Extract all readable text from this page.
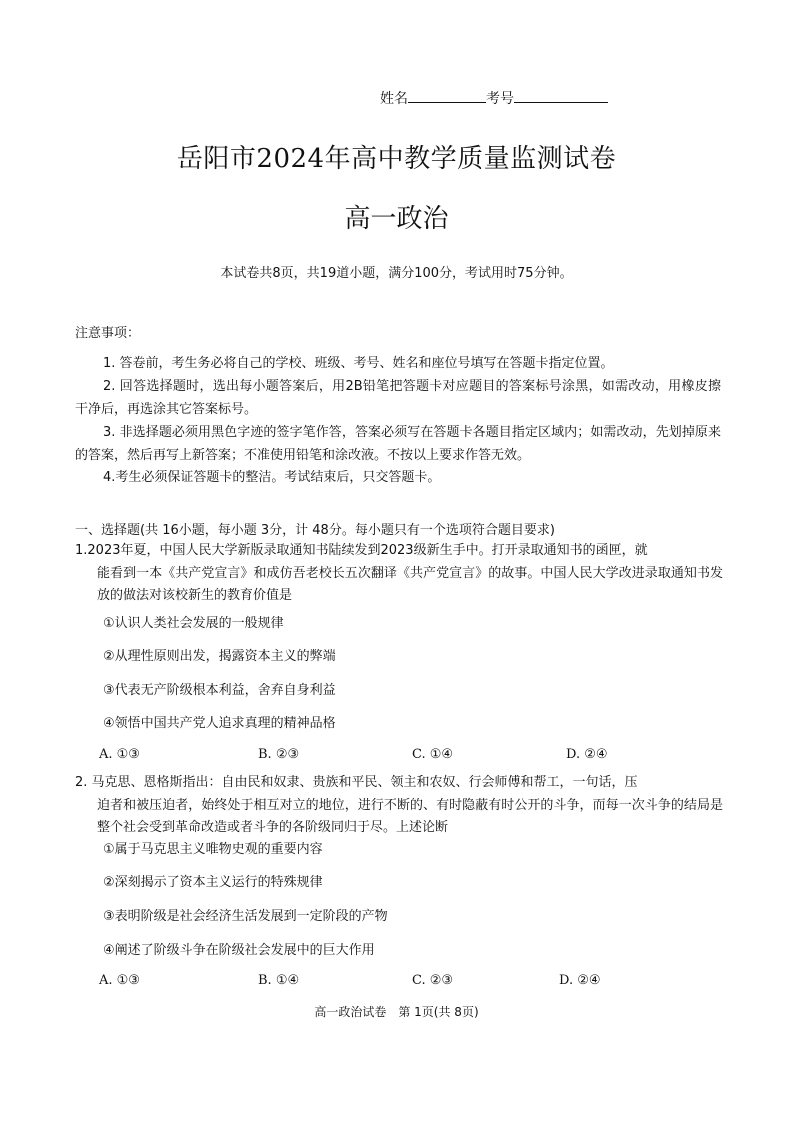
姓名	考号
岳阳市2024年高中教学质量监测试卷
高一政治
本试卷共8页，共19道小题，满分100分，考试用时75分钟。
注意事项：
1. 答卷前，考生务必将自己的学校、班级、考号、姓名和座位号填写在答题卡指定位置。
2. 回答选择题时，选出每小题答案后，用2B铅笔把答题卡对应题目的答案标号涂黑，如需改动，用橡皮擦干净后，再选涂其它答案标号。
3. 非选择题必须用黑色字迹的签字笔作答，答案必须写在答题卡各题目指定区域内；如需改动，先划掉原来的答案，然后再写上新答案；不准使用铅笔和涂改液。不按以上要求作答无效。
4.考生必须保证答题卡的整洁。考试结束后，只交答题卡。
一、选择题(共 16小题，每小题 3分，计 48分。每小题只有一个选项符合题目要求)
1.2023年夏，中国人民大学新版录取通知书陆续发到2023级新生手中。打开录取通知书的函匣，就
能看到一本《共产党宣言》和成仿吾老校长五次翻译《共产党宣言》的故事。中国人民大学改进录取通知书发放的做法对该校新生的教育价值是
①认识人类社会发展的一般规律
②从理性原则出发，揭露资本主义的弊端
③代表无产阶级根本利益，舍弃自身利益
④领悟中国共产党人追求真理的精神品格
A. ①③	B. ②③	C. ①④	D. ②④
2. 马克思、恩格斯指出：自由民和奴隶、贵族和平民、领主和农奴、行会师傅和帮工，一句话，压
迫者和被压迫者，始终处于相互对立的地位，进行不断的、有时隐蔽有时公开的斗争，而每一次斗争的结局是整个社会受到革命改造或者斗争的各阶级同归于尽。上述论断
①属于马克思主义唯物史观的重要内容
②深刻揭示了资本主义运行的特殊规律
③表明阶级是社会经济生活发展到一定阶段的产物
④阐述了阶级斗争在阶级社会发展中的巨大作用
A. ①③	B. ①④	C. ②③	D. ②④
高一政治试卷　第 1页(共 8页)
